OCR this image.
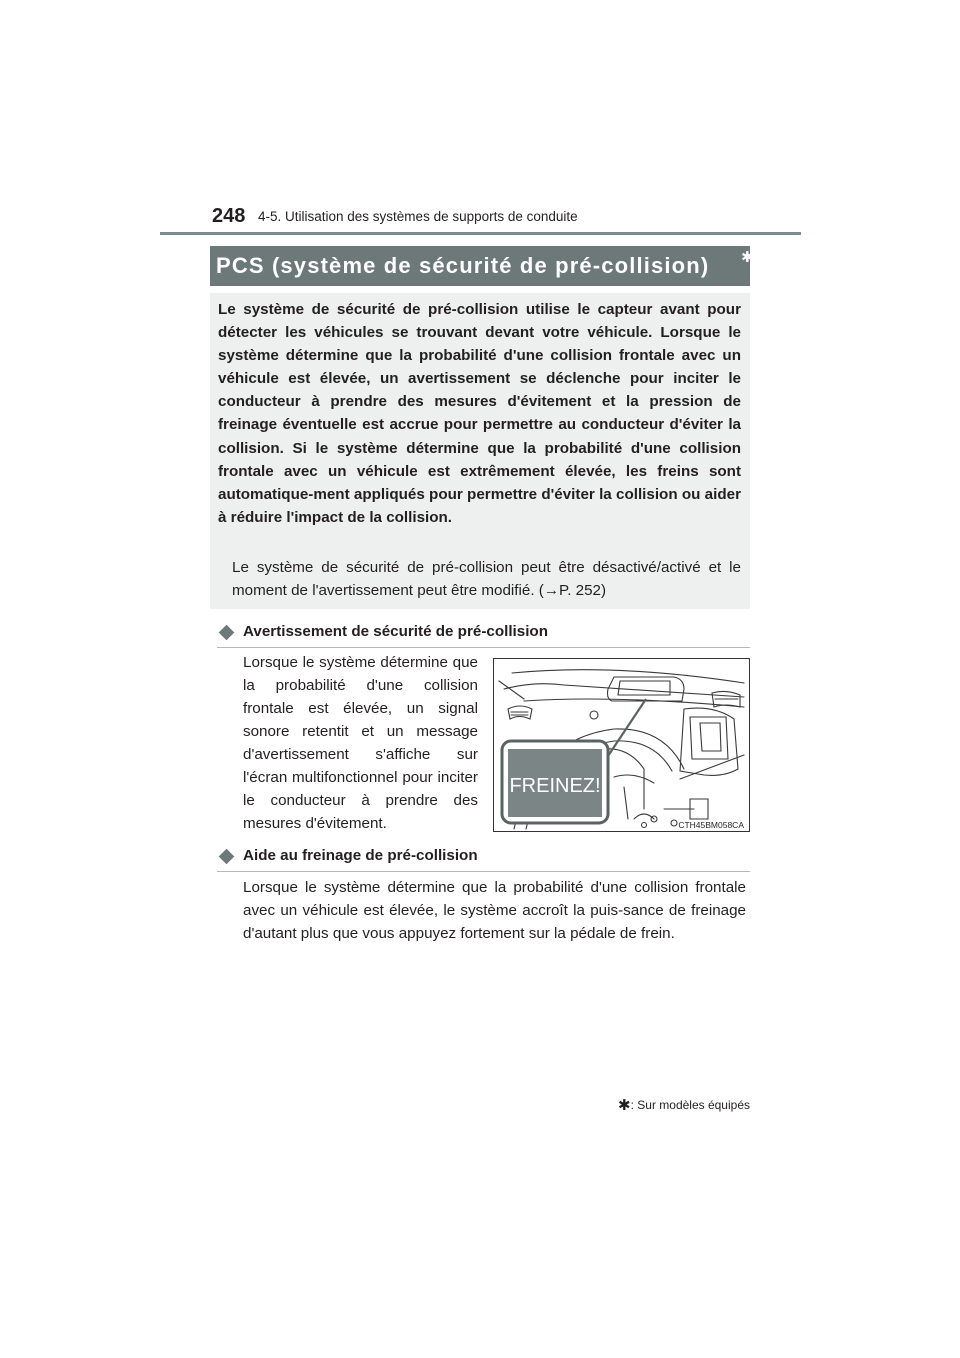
248 4-5. Utilisation des systèmes de supports de conduite
PCS (système de sécurité de pré-collision) ✱

Le système de sécurité de pré-collision utilise le capteur avant pour détecter les véhicules se trouvant devant votre véhicule. Lorsque le système détermine que la probabilité d'une collision frontale avec un véhicule est élevée, un avertissement se déclenche pour inciter le conducteur à prendre des mesures d'évitement et la pression de freinage éventuelle est accrue pour permettre au conducteur d'éviter la collision. Si le système détermine que la probabilité d'une collision frontale avec un véhicule est extrêmement élevée, les freins sont automatique-ment appliqués pour permettre d'éviter la collision ou aider à réduire l'impact de la collision.

Le système de sécurité de pré-collision peut être désactivé/activé et le moment de l'avertissement peut être modifié. (→P. 252)

Avertissement de sécurité de pré-collision

Lorsque le système détermine que la probabilité d'une collision frontale est élevée, un signal sonore retentit et un message d'avertissement s'affiche sur l'écran multifonctionnel pour inciter le conducteur à prendre des mesures d'évitement.

FREINEZ!
CTH45BM058CA
Aide au freinage de pré-collision

Lorsque le système détermine que la probabilité d'une collision frontale avec un véhicule est élevée, le système accroît la puis-sance de freinage d'autant plus que vous appuyez fortement sur la pédale de frein.

✱: Sur modèles équipés
